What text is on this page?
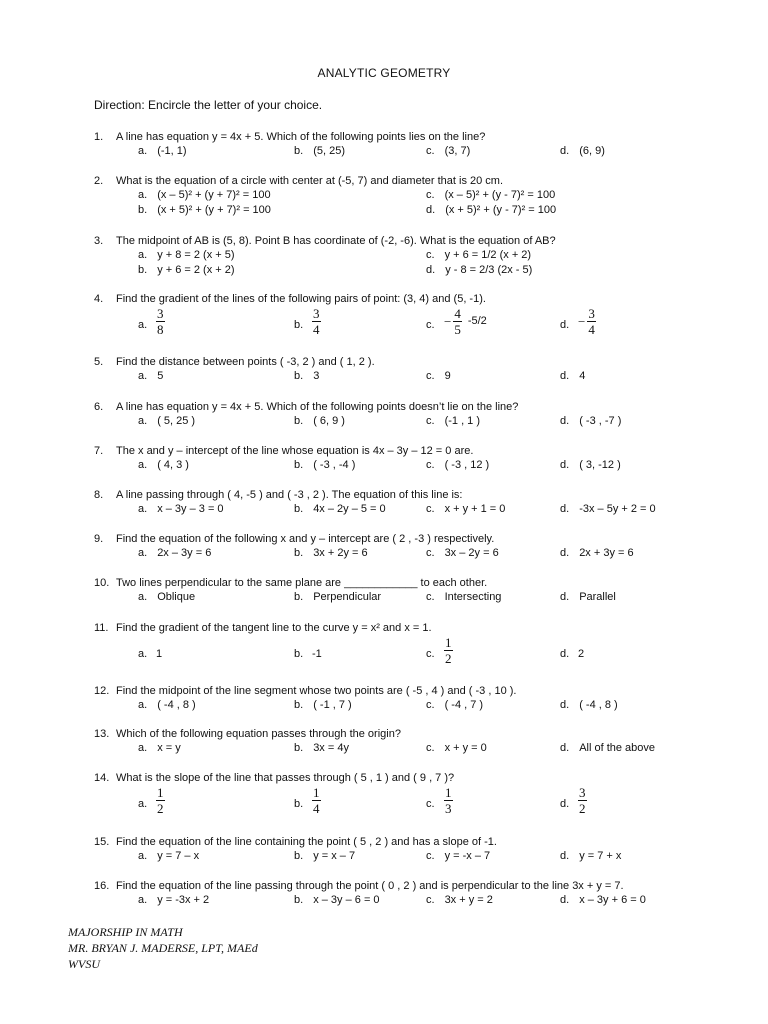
ANALYTIC GEOMETRY
Direction: Encircle the letter of your choice.
1. A line has equation y = 4x + 5. Which of the following points lies on the line?
a. (-1, 1)	b. (5, 25)	c. (3, 7)	d. (6, 9)
2. What is the equation of a circle with center at (-5, 7) and diameter that is 20 cm.
a. (x – 5)² + (y + 7)² = 100	c. (x – 5)² + (y - 7)² = 100
b. (x + 5)² + (y + 7)² = 100	d. (x + 5)² + (y - 7)² = 100
3. The midpoint of AB is (5, 8). Point B has coordinate of (-2, -6). What is the equation of AB?
a. y + 8 = 2 (x + 5)	c. y + 6 = 1/2 (x + 2)
b. y + 6 = 2 (x + 2)	d. y - 8 = 2/3 (2x - 5)
4. Find the gradient of the lines of the following pairs of point: (3, 4) and (5, -1).
a. $\frac{3}{8}$	b. $\frac{3}{4}$	c. − $\frac{4}{5} -5/2$	d. − $\frac{3}{4}$
5. Find the distance between points ( -3, 2 ) and ( 1, 2 ).
a. 5	b. 3	c. 9	d. 4
6. A line has equation y = 4x + 5. Which of the following points doesn’t lie on the line?
a. ( 5, 25 )	b. ( 6, 9 )	c. (-1 , 1 )	d. ( -3 , -7 )
7. The x and y – intercept of the line whose equation is 4x – 3y – 12 = 0 are.
a. ( 4, 3 )	b. ( -3 , -4 )	c. ( -3 , 12 )	d. ( 3, -12 )
8. A line passing through ( 4, -5 ) and ( -3 , 2 ). The equation of this line is:
a. x – 3y – 3 = 0	b. 4x – 2y – 5 = 0	c. x + y + 1 = 0	d. -3x – 5y + 2 = 0
9. Find the equation of the following x and y – intercept are ( 2 , -3 ) respectively.
a. 2x – 3y = 6	b. 3x + 2y = 6	c. 3x – 2y = 6	d. 2x + 3y = 6
10. Two lines perpendicular to the same plane are ____________ to each other.
a. Oblique	b. Perpendicular	c. Intersecting	d. Parallel
11. Find the gradient of the tangent line to the curve y = x² and x = 1.
a. 1	b. -1	c. $\frac{1}{2}$	d. 2
12. Find the midpoint of the line segment whose two points are ( -5 , 4 ) and ( -3 , 10 ).
a. ( -4 , 8 )	b. ( -1 , 7 )	c. ( -4 , 7 )	d. ( -4 , 8 )
13. Which of the following equation passes through the origin?
a. x = y	b. 3x = 4y	c. x + y = 0	d. All of the above
14. What is the slope of the line that passes through ( 5 , 1 ) and ( 9 , 7 )?
a. $\frac{1}{2}$	b. $\frac{1}{4}$	c. $\frac{1}{3}$	d. $\frac{3}{2}$
15. Find the equation of the line containing the point ( 5 , 2 ) and has a slope of -1.
a. y = 7 – x	b. y = x – 7	c. y = -x – 7	d. y = 7 + x
16. Find the equation of the line passing through the point ( 0 , 2 ) and is perpendicular to the line 3x + y = 7.
a. y = -3x + 2	b. x – 3y – 6 = 0	c. 3x + y = 2	d. x – 3y + 6 = 0
MAJORSHIP IN MATH
MR. BRYAN J. MADERSE, LPT, MAEd
WVSU
